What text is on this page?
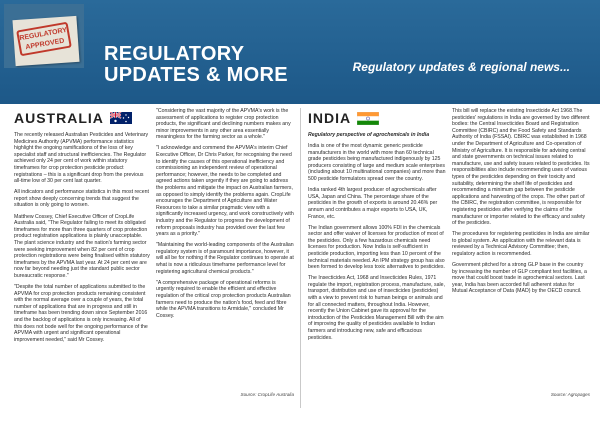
REGULATORY APPROVED	REGULATORY
UPDATES & MORE	Regulatory updates & regional news...
AUSTRALIA

The recently released Australian Pesticides and Veterinary Medicines Authority (APVMA) performance statistics highlight the ongoing ramifications of the loss of key specialist staff and structural inefficiencies. The Regulator achieved only 24 per cent of work within statutory timeframes for crop protection pesticide product registrations – this is a significant drop from the previous all-time low of 30 per cent last quarter.

All indicators and performance statistics in this most recent report show deeply concerning trends that suggest the situation is only going to worsen.

Matthew Cossey, Chief Executive Officer of CropLife Australia said, "The Regulator failing to meet its obligated timeframes for more than three quarters of crop protection product registration applications is plainly unacceptable. The plant science industry and the nation's farming sector were seeking improvement when 82 per cent of crop protection registrations were being finalised within statutory timeframes by the APVMA last year. At 24 per cent we are now far beyond needing just the standard public sector bureaucratic response."

"Despite the total number of applications submitted to the APVMA for crop protection products remaining consistent with the normal average over a couple of years, the total number of applications that are in progress and still in timeframe has been trending down since September 2016 and the backlog of applications is only increasing. All of this does not bode well for the ongoing performance of the APVMA with urgent and significant operational improvement needed," said Mr Cossey.

"Considering the vast majority of the APVMA's work is the assessment of applications to register crop protection products, the significant and declining numbers makes any minor improvements in any other area essentially meaningless for the farming sector as a whole."

"I acknowledge and commend the APVMA's interim Chief Executive Officer, Dr Chris Parker, for recognising the need to identify the causes of this operational inefficiency and commissioning an independent review of operational performance; however, the needs to be completed and agreed actions taken urgently if they are going to address the problems and mitigate the impact on Australian farmers, as opposed to simply identify the problems again. CropLife encourages the Department of Agriculture and Water Resources to take a similar pragmatic view with a significantly increased urgency, and work constructively with industry and the Regulator to progress the development of reform proposals industry has provided over the last few years as a priority."

"Maintaining the world-leading components of the Australian regulatory system is of paramount importance, however, it will all be for nothing if the Regulator continues to operate at what is now a ridiculous timeframe performance level for registering agricultural chemical products."

"A comprehensive package of operational reforms is urgently required to enable the efficient and effective regulation of the critical crop protection products Australian farmers need to produce the nation's food, feed and fibre while the APVMA transitions to Armidale," concluded Mr Cossey.

Source: CropLife Australia
INDIA
Regulatory perspective of agrochemicals in India

India is one of the most dynamic generic pesticide manufacturers in the world with more than 60 technical grade pesticides being manufactured indigenously by 125 producers consisting of large and medium scale enterprises (including about 10 multinational companies) and more than 500 pesticide formulators spread over the country.

India ranked 4th largest producer of agrochemicals after USA, Japan and China. The percentage share of the pesticides in the growth of exports is around 20.46% per annum and contributes a major exports to USA, UK, France, etc.

The Indian government allows 100% FDI in the chemicals sector and offer waiver of licenses for production of most of the pesticides. Only a few hazardous chemicals need licenses for production. Now India is self-sufficient in pesticide production, importing less than 10 percent of the technical materials needed. An IPM strategy group has also been formed to develop less toxic alternatives to pesticides.

The Insecticides Act, 1968 and Insecticides Rules, 1971 regulate the import, registration process, manufacture, sale, transport, distribution and use of insecticides (pesticides) with a view to prevent risk to human beings or animals and for all connected matters, throughout India. However, recently the Union Cabinet gave its approval for the introduction of the Pesticides Management Bill with the aim of improving the quality of pesticides available to Indian farmers and introducing new, safe and efficacious pesticides.

This bill will replace the existing Insecticide Act 1968.The pesticides' regulations in India are governed by two different bodies: the Central Insecticides Board and Registration Committee (CBIRC) and the Food Safety and Standards Authority of India (FSSAI). CBIRC was established in 1968 under the Department of Agriculture and Co-operation of Ministry of Agriculture. It is responsible for advising central and state governments on technical issues related to manufacture, use and safety issues related to pesticides. Its responsibilities also include recommending uses of various types of the pesticides depending on their toxicity and suitability, determining the shelf life of pesticides and recommending a minimum gap between the pesticide applications and harvesting of the crops. The other part of the CBIRC, the registration committee, is responsible for registering pesticides after verifying the claims of the manufacturer or importer related to the efficacy and safety of the pesticides.

The procedures for registering pesticides in India are similar to global system. An application with the relevant data is reviewed by a Technical Advisory Committee; then, regulatory action is recommended.

Government pitched for a strong GLP base in the country by increasing the number of GLP compliant test facilities, a move that could boost trade in agrochemical sectors. Last year, India has been accorded full adherent status for Mutual Acceptance of Data (MAD) by the OECD council.

Source: Agropages
